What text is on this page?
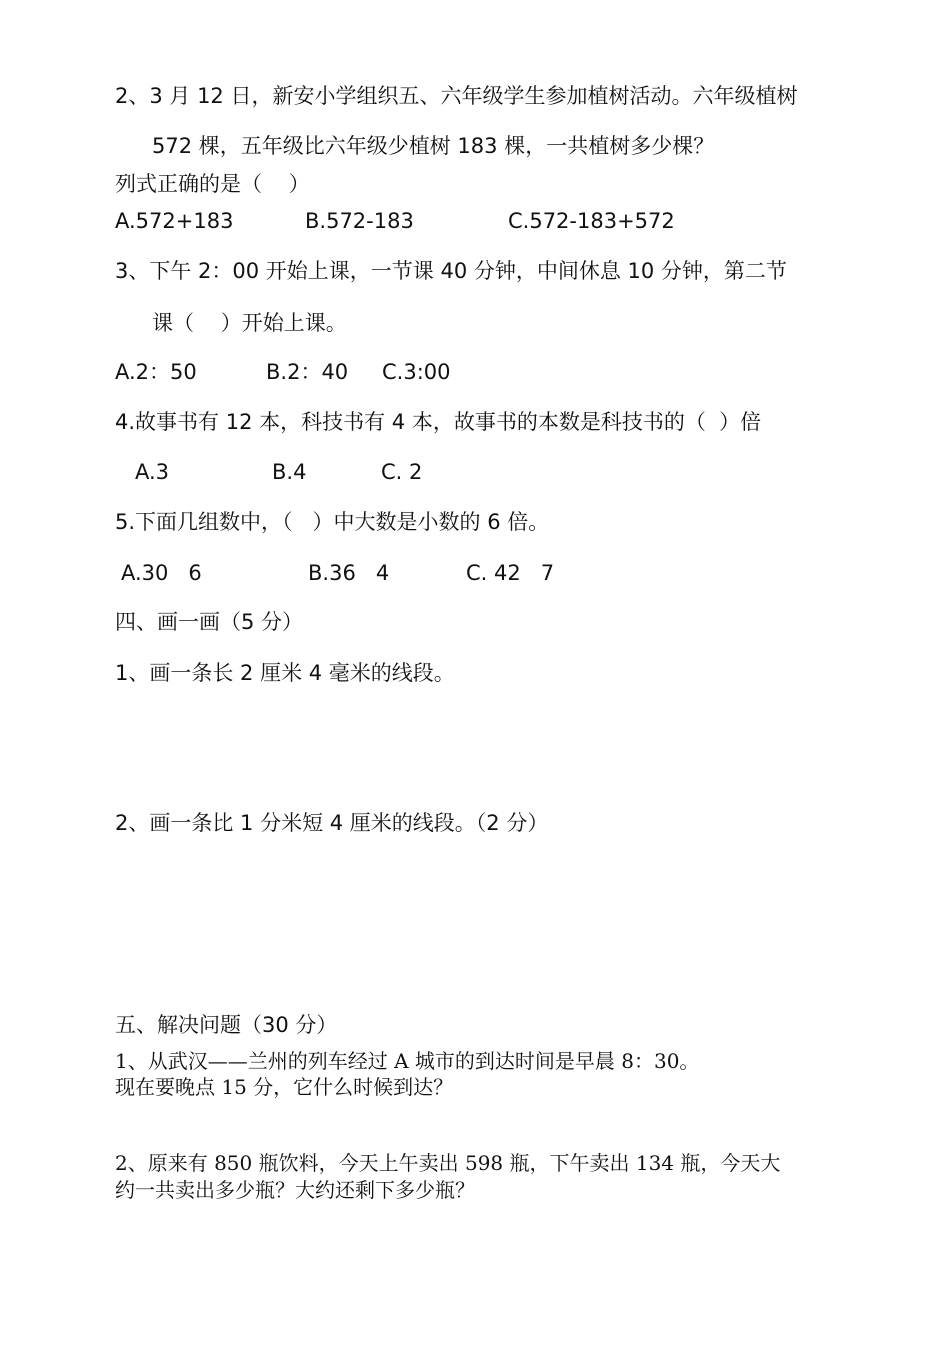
2、3 月 12 日，新安小学组织五、六年级学生参加植树活动。六年级植树
572 棵，五年级比六年级少植树 183 棵，一共植树多少棵？
列式正确的是（    ）
A.572+183	B.572-183	C.572-183+572
3、下午 2：00 开始上课，一节课 40 分钟，中间休息 10 分钟，第二节
课（    ）开始上课。
A.2：50	B.2：40 C.3:00
4.故事书有 12 本，科技书有 4 本，故事书的本数是科技书的（  ）倍
A.3	B.4	C. 2
5.下面几组数中，（   ）中大数是小数的 6 倍。
A.30   6	B.36   4	C. 42   7
四、画一画（5 分）
1、画一条长 2 厘米 4 毫米的线段。
2、画一条比 1 分米短 4 厘米的线段。（2 分）
五、解决问题（30 分）
1、从武汉——兰州的列车经过 A 城市的到达时间是早晨 8：30。
现在要晚点 15 分，它什么时候到达？
2、原来有 850 瓶饮料，今天上午卖出 598 瓶，下午卖出 134 瓶，今天大
约一共卖出多少瓶？大约还剩下多少瓶？
